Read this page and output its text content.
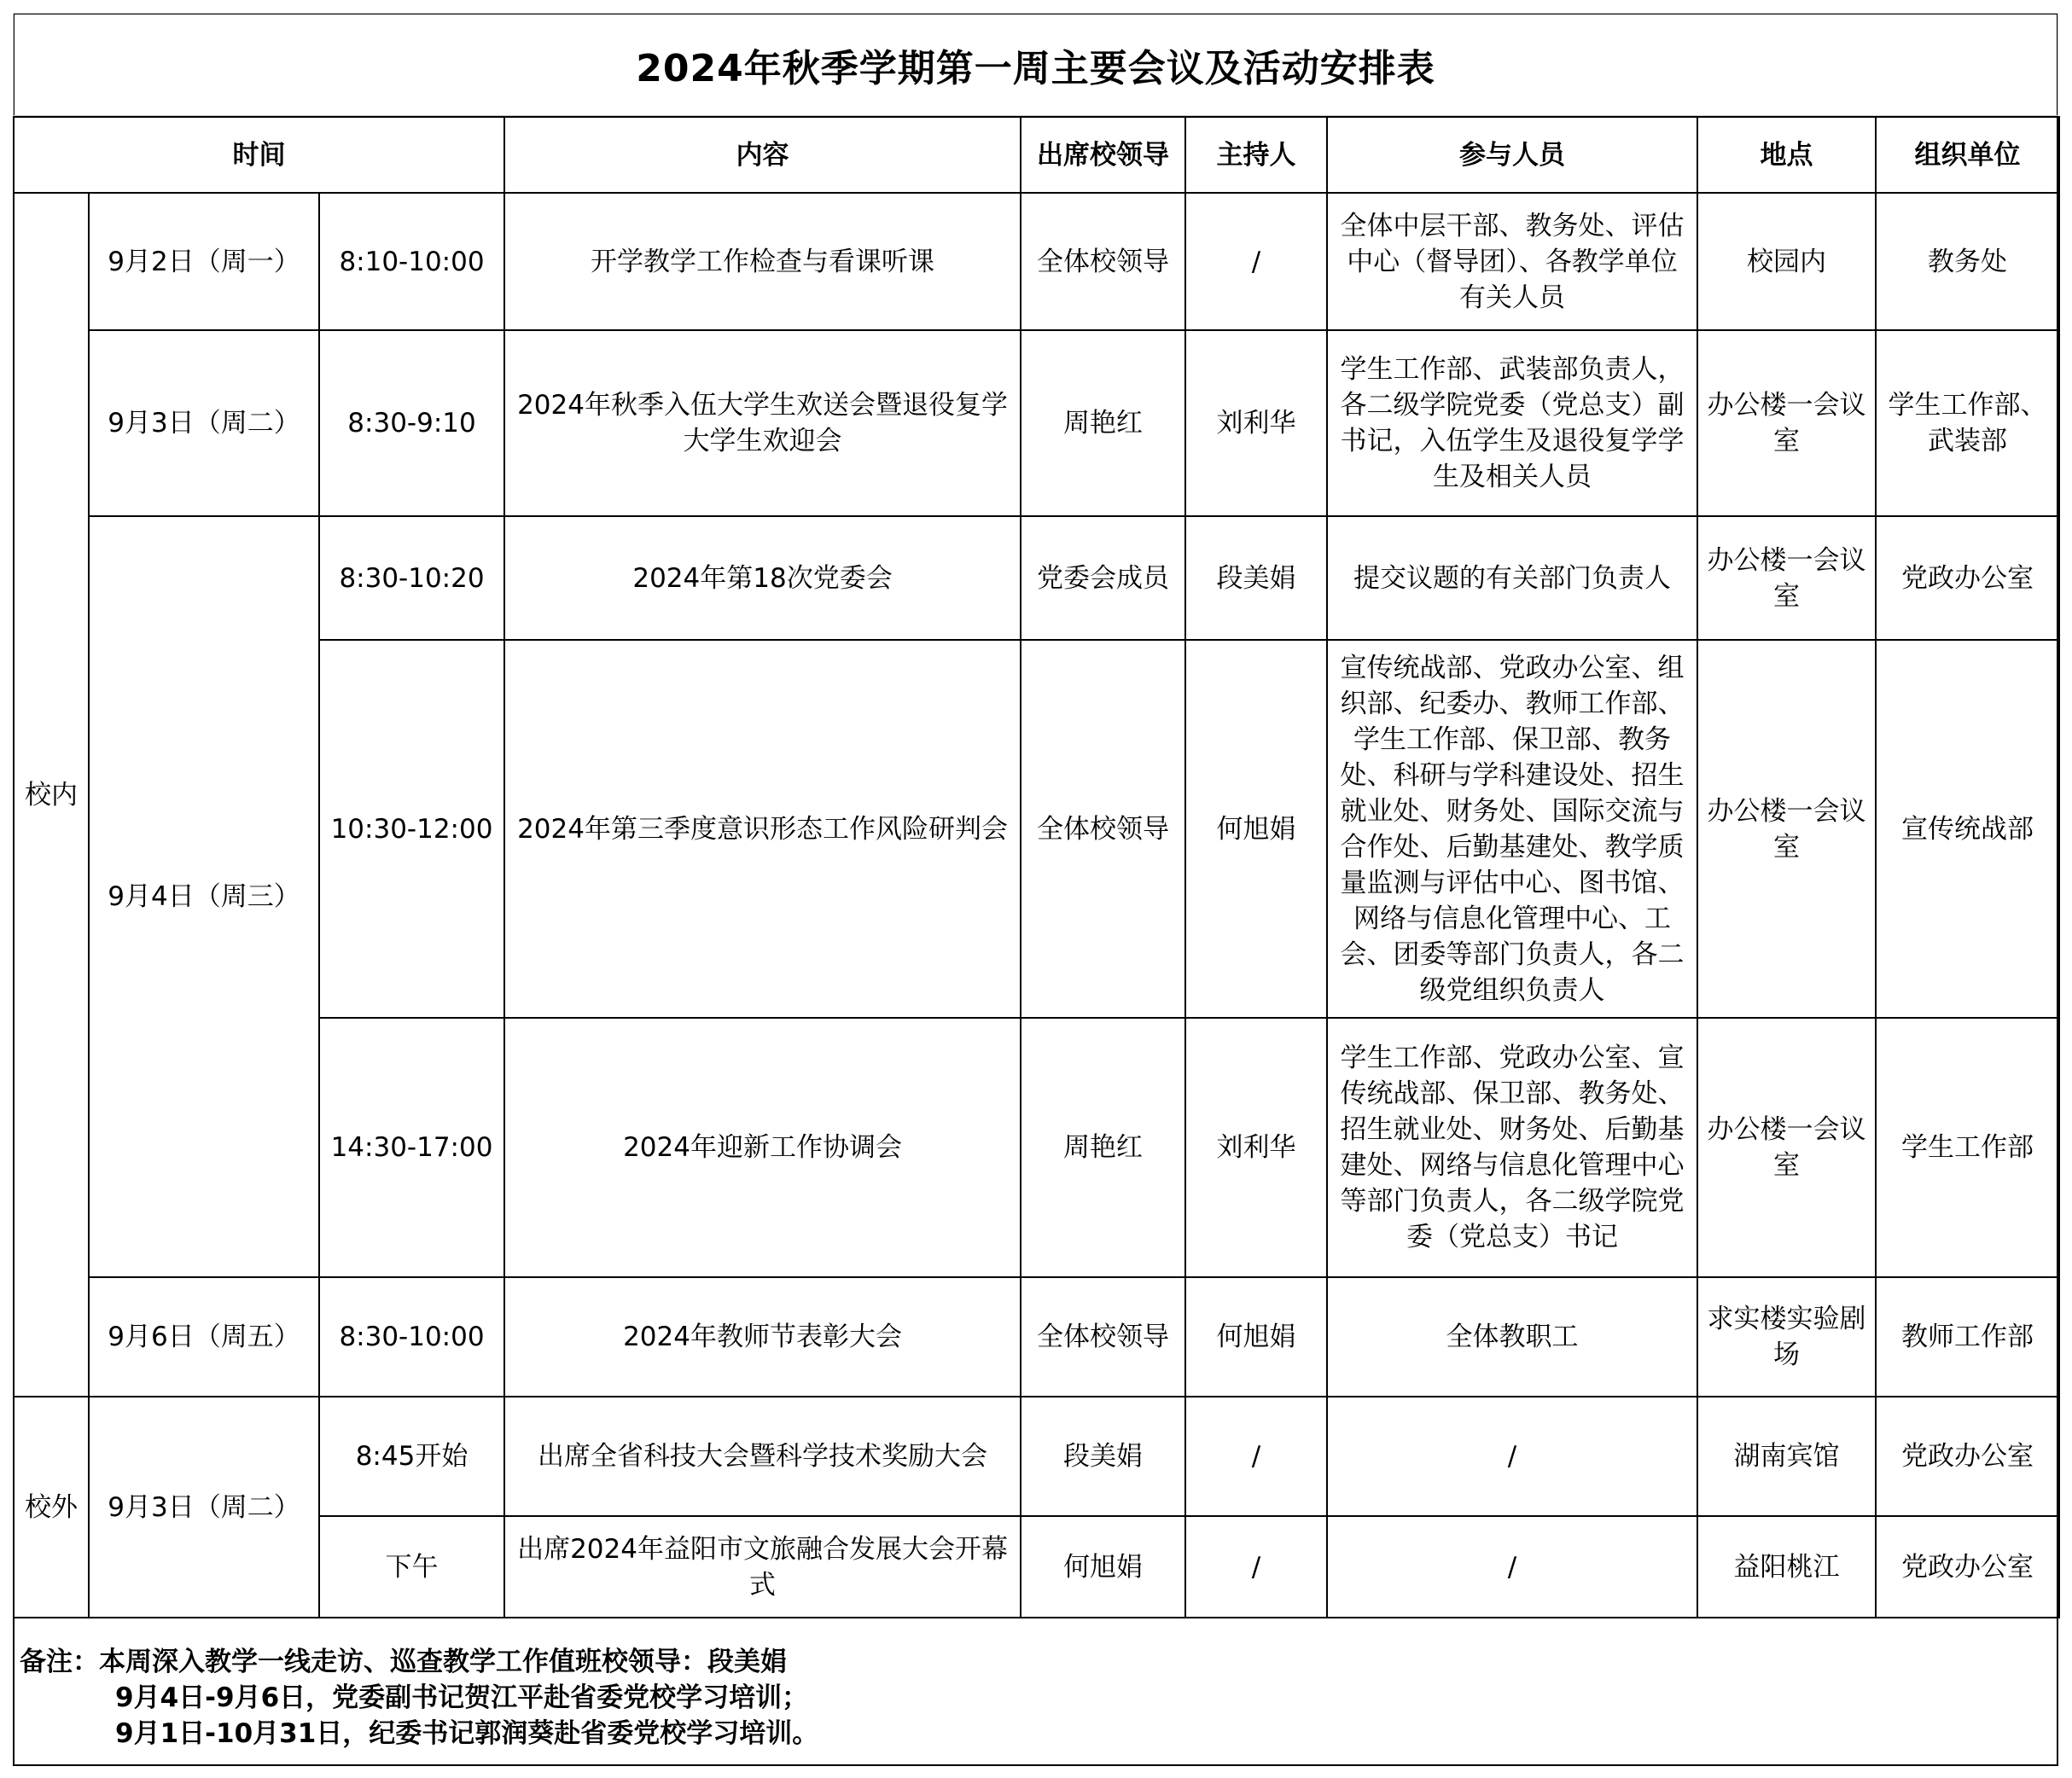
2024年秋季学期第一周主要会议及活动安排表
时间			内容	出席校领导	主持人	参与人员	地点	组织单位
校内	9月2日（周一）	8:10-10:00	开学教学工作检查与看课听课	全体校领导	/	全体中层干部、教务处、评估中心（督导团）、各教学单位有关人员	校园内	教务处
	9月3日（周二）	8:30-9:10	2024年秋季入伍大学生欢送会暨退役复学大学生欢迎会	周艳红	刘利华	学生工作部、武装部负责人，各二级学院党委（党总支）副书记，入伍学生及退役复学学生及相关人员	办公楼一会议室	学生工作部、武装部
	9月4日（周三）	8:30-10:20	2024年第18次党委会	党委会成员	段美娟	提交议题的有关部门负责人	办公楼一会议室	党政办公室
		10:30-12:00	2024年第三季度意识形态工作风险研判会	全体校领导	何旭娟	宣传统战部、党政办公室、组织部、纪委办、教师工作部、学生工作部、保卫部、教务处、科研与学科建设处、招生就业处、财务处、国际交流与合作处、后勤基建处、教学质量监测与评估中心、图书馆、网络与信息化管理中心、工会、团委等部门负责人，各二级党组织负责人	办公楼一会议室	宣传统战部
		14:30-17:00	2024年迎新工作协调会	周艳红	刘利华	学生工作部、党政办公室、宣传统战部、保卫部、教务处、招生就业处、财务处、后勤基建处、网络与信息化管理中心等部门负责人，各二级学院党委（党总支）书记	办公楼一会议室	学生工作部
	9月6日（周五）	8:30-10:00	2024年教师节表彰大会	全体校领导	何旭娟	全体教职工	求实楼实验剧场	教师工作部
校外	9月3日（周二）	8:45开始	出席全省科技大会暨科学技术奖励大会	段美娟	/	/	湖南宾馆	党政办公室
		下午	出席2024年益阳市文旅融合发展大会开幕式	何旭娟	/	/	益阳桃江	党政办公室
备注：本周深入教学一线走访、巡查教学工作值班校领导：段美娟
9月4日-9月6日，党委副书记贺江平赴省委党校学习培训；
9月1日-10月31日，纪委书记郭润葵赴省委党校学习培训。
